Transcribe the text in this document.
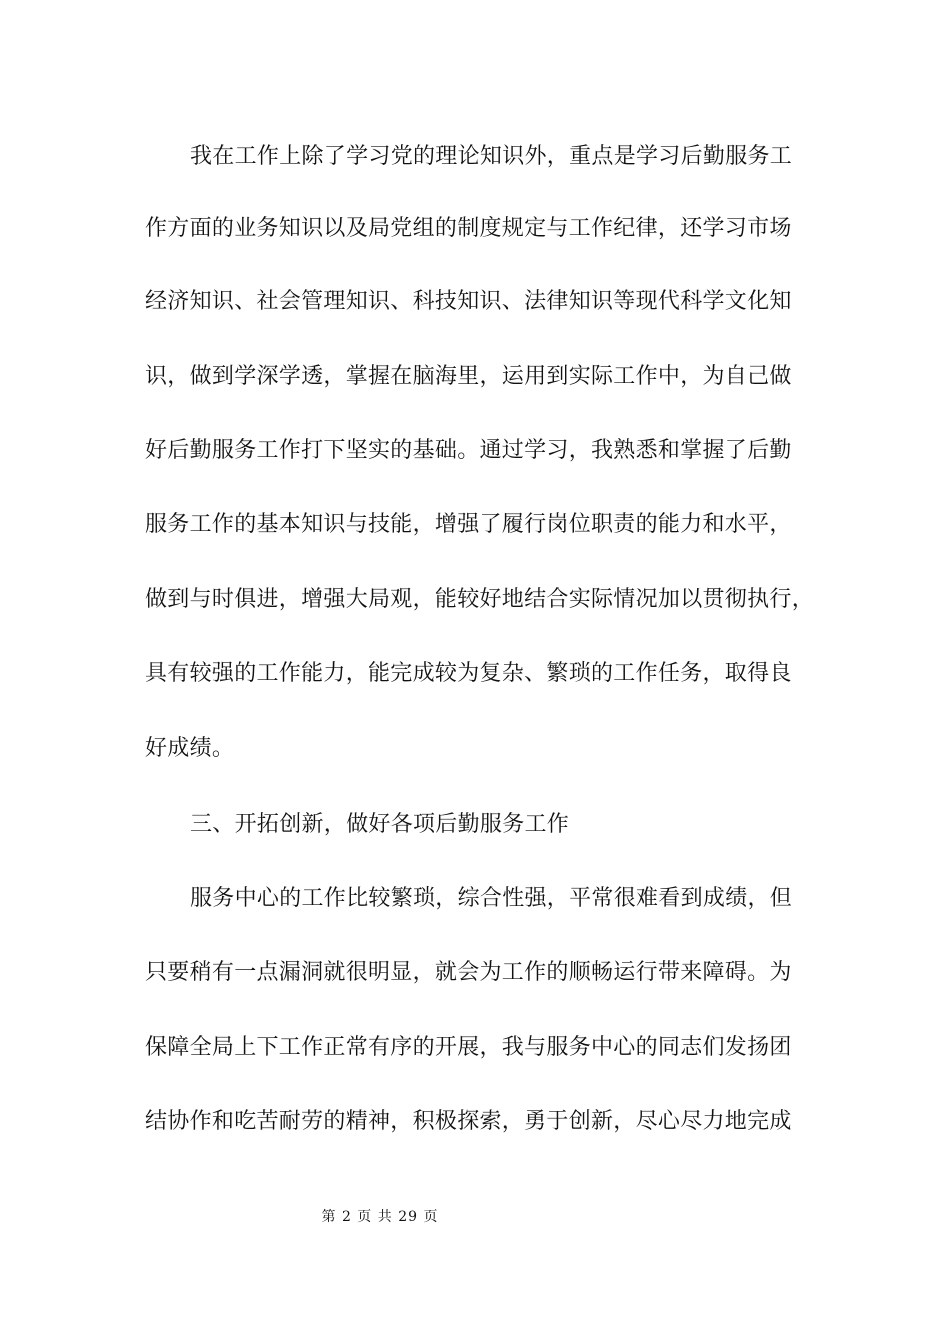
我在工作上除了学习党的理论知识外，重点是学习后勤服务工
作方面的业务知识以及局党组的制度规定与工作纪律，还学习市场
经济知识、社会管理知识、科技知识、法律知识等现代科学文化知
识，做到学深学透，掌握在脑海里，运用到实际工作中，为自己做
好后勤服务工作打下坚实的基础。通过学习，我熟悉和掌握了后勤
服务工作的基本知识与技能，增强了履行岗位职责的能力和水平，
做到与时俱进，增强大局观，能较好地结合实际情况加以贯彻执行，
具有较强的工作能力，能完成较为复杂、繁琐的工作任务，取得良
好成绩。
三、开拓创新，做好各项后勤服务工作
服务中心的工作比较繁琐，综合性强，平常很难看到成绩，但
只要稍有一点漏洞就很明显，就会为工作的顺畅运行带来障碍。为
保障全局上下工作正常有序的开展，我与服务中心的同志们发扬团
结协作和吃苦耐劳的精神，积极探索，勇于创新，尽心尽力地完成
第 2 页 共 29 页
